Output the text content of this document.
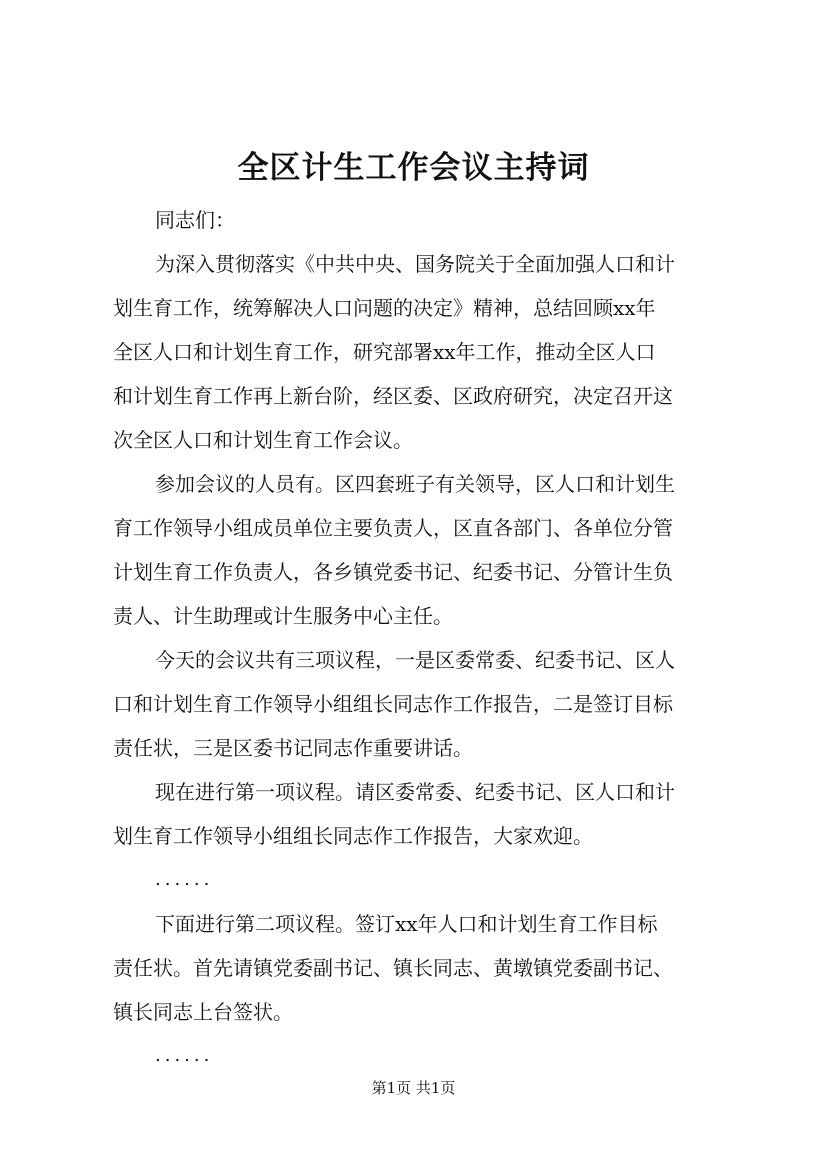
全区计生工作会议主持词
同志们：
为深入贯彻落实《中共中央、国务院关于全面加强人口和计
划生育工作，统筹解决人口问题的决定》精神，总结回顾xx年
全区人口和计划生育工作，研究部署xx年工作，推动全区人口
和计划生育工作再上新台阶，经区委、区政府研究，决定召开这
次全区人口和计划生育工作会议。
参加会议的人员有。区四套班子有关领导，区人口和计划生
育工作领导小组成员单位主要负责人，区直各部门、各单位分管
计划生育工作负责人，各乡镇党委书记、纪委书记、分管计生负
责人、计生助理或计生服务中心主任。
今天的会议共有三项议程，一是区委常委、纪委书记、区人
口和计划生育工作领导小组组长同志作工作报告，二是签订目标
责任状，三是区委书记同志作重要讲话。
现在进行第一项议程。请区委常委、纪委书记、区人口和计
划生育工作领导小组组长同志作工作报告，大家欢迎。
......
下面进行第二项议程。签订xx年人口和计划生育工作目标
责任状。首先请镇党委副书记、镇长同志、黄墩镇党委副书记、
镇长同志上台签状。
......
第1页 共1页
